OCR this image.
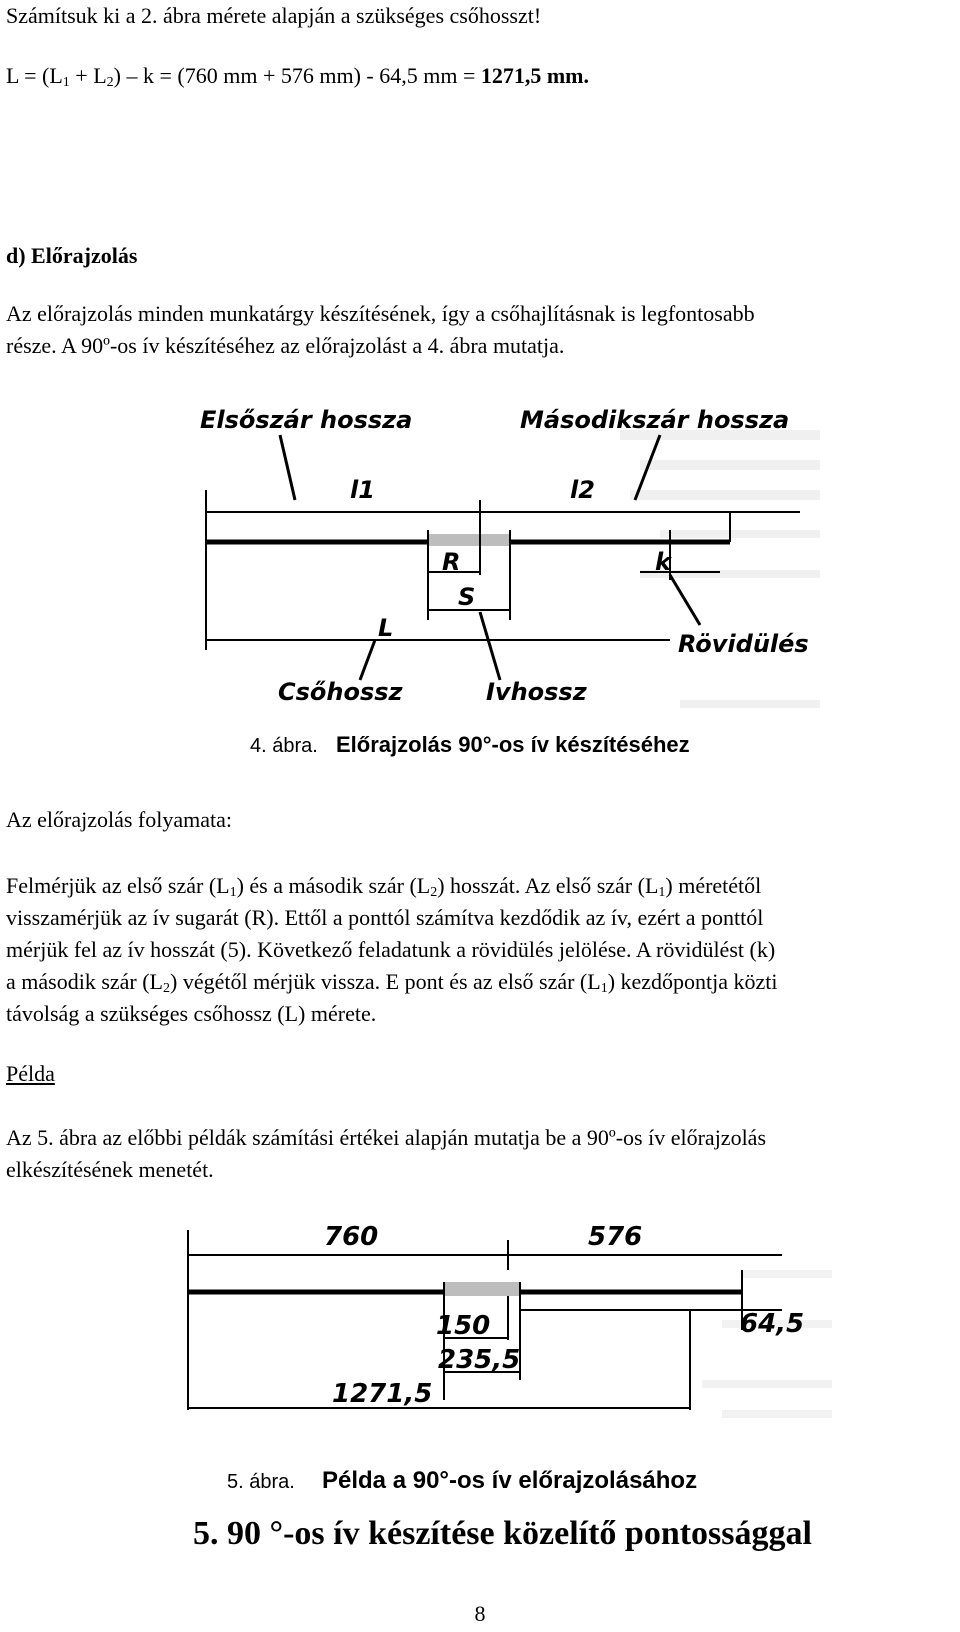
Számítsuk ki a 2. ábra mérete alapján a szükséges csőhosszt!
$L = (L_1 + L_2) - k = (760$ mm + 576 mm) - 64,5 mm = 1271,5 mm.
d) Előrajzolás
Az előrajzolás minden munkatárgy készítésének, így a csőhajlításnak is legfontosabb
része. A 90º-os ív készítéséhez az előrajzolást a 4. ábra mutatja.
Elsőszár hossza	Másodikszár hossza
l1	l2
R
S
k
L
Rövidülés
Csőhossz	Ivhossz
4. ábra. Előrajzolás 90°-os ív készítéséhez
Az előrajzolás folyamata:
Felmérjük az első szár $(L_1)$ és a második szár $(L_2)$ hosszát. Az első szár $(L_1)$ méretétől
visszamérjük az ív sugarát (R). Ettől a ponttól számítva kezdődik az ív, ezért a ponttól
mérjük fel az ív hosszát (5). Következő feladatunk a rövidülés jelölése. A rövidülést (k)
a második szár $(L_2)$ végétől mérjük vissza. E pont és az első szár $(L_1)$ kezdőpontja közti
távolság a szükséges csőhossz (L) mérete.
Példa
Az 5. ábra az előbbi példák számítási értékei alapján mutatja be a 90º-os ív előrajzolás
elkészítésének menetét.
760	576
150
235,5
64,5
1271,5
5. ábra. Példa a 90°-os ív előrajzolásához
5. 90 °-os ív készítése közelítő pontossággal
8
